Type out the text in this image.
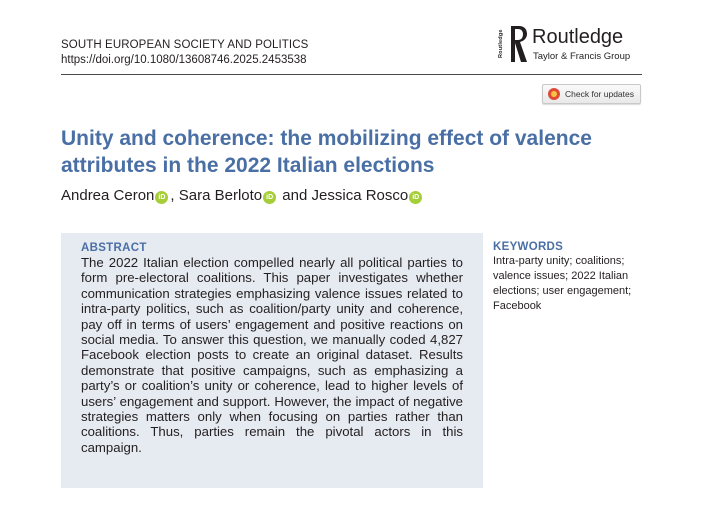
SOUTH EUROPEAN SOCIETY AND POLITICS
https://doi.org/10.1080/13608746.2025.2453538
Routledge Routledge
Taylor & Francis Group
Check for updates
Unity and coherence: the mobilizing effect of valence attributes in the 2022 Italian elections
Andrea Ceron iD , Sara Berloto iD and Jessica Rosco iD
ABSTRACT
The 2022 Italian election compelled nearly all political parties to form pre-electoral coalitions. This paper investigates whether communication strategies emphasizing valence issues related to intra-party politics, such as coalition/party unity and coherence, pay off in terms of users’ engagement and positive reactions on social media. To answer this question, we manually coded 4,827 Facebook election posts to create an original dataset. Results demonstrate that positive campaigns, such as emphasizing a party’s or coalition’s unity or coherence, lead to higher levels of users’ engagement and support. However, the impact of negative strategies matters only when focusing on parties rather than coalitions. Thus, parties remain the pivotal actors in this campaign.
KEYWORDS
Intra-party unity; coalitions; valence issues; 2022 Italian elections; user engagement; Facebook
